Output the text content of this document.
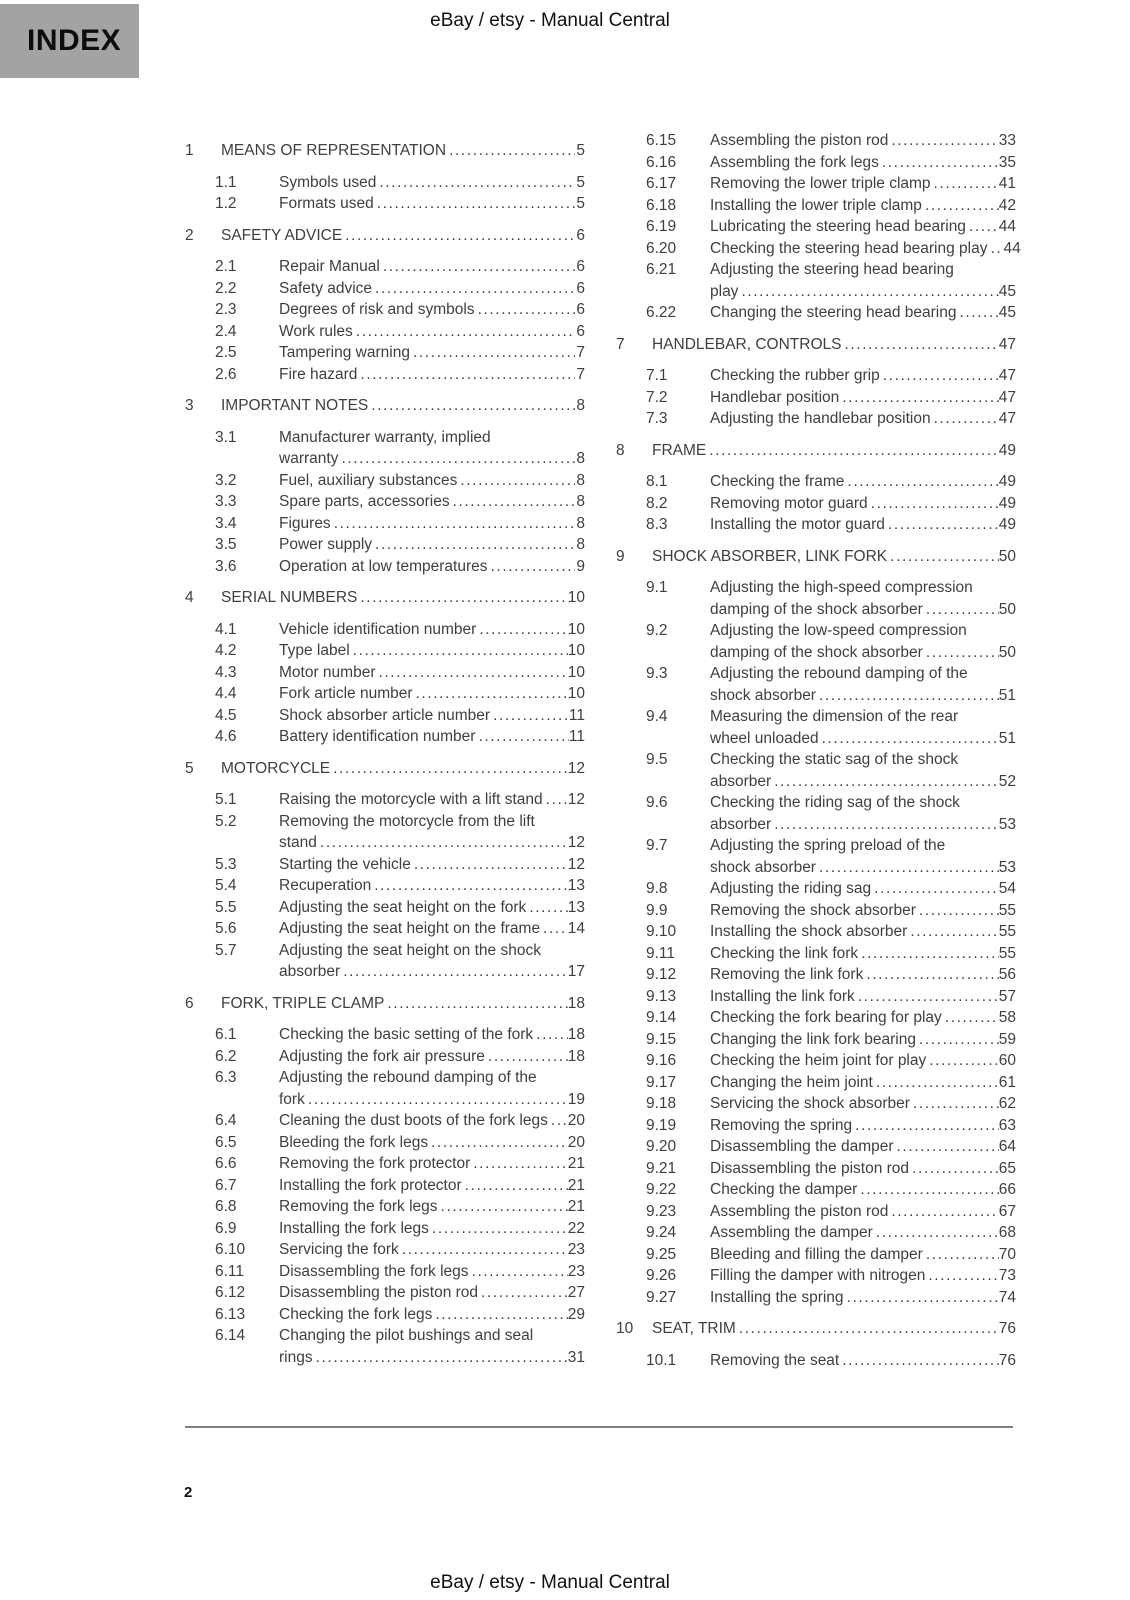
INDEX
eBay / etsy - Manual Central
1	MEANS OF REPRESENTATION .....	5
1.1	Symbols used .....	5
1.2	Formats used .....	5
2	SAFETY ADVICE .....	6
2.1	Repair Manual .....	6
2.2	Safety advice .....	6
2.3	Degrees of risk and symbols .....	6
2.4	Work rules .....	6
2.5	Tampering warning .....	7
2.6	Fire hazard .....	7
3	IMPORTANT NOTES .....	8
3.1	Manufacturer warranty, implied
warranty .....	8
3.2	Fuel, auxiliary substances .....	8
3.3	Spare parts, accessories .....	8
3.4	Figures .....	8
3.5	Power supply .....	8
3.6	Operation at low temperatures .....	9
4	SERIAL NUMBERS .....	10
4.1	Vehicle identification number .....	10
4.2	Type label .....	10
4.3	Motor number .....	10
4.4	Fork article number .....	10
4.5	Shock absorber article number .....	11
4.6	Battery identification number .....	11
5	MOTORCYCLE .....	12
5.1	Raising the motorcycle with a lift stand ..... 12
5.2	Removing the motorcycle from the lift
stand .....	12
5.3	Starting the vehicle .....	12
5.4	Recuperation .....	13
5.5	Adjusting the seat height on the fork .....	13
5.6	Adjusting the seat height on the frame ..... 14
5.7	Adjusting the seat height on the shock
absorber .....	17
6	FORK, TRIPLE CLAMP .....	18
6.1	Checking the basic setting of the fork ..... 18
6.2	Adjusting the fork air pressure .....	18
6.3	Adjusting the rebound damping of the
fork .....	19
6.4	Cleaning the dust boots of the fork legs ..... 20
6.5	Bleeding the fork legs .....	20
6.6	Removing the fork protector .....	21
6.7	Installing the fork protector .....	21
6.8	Removing the fork legs .....	21
6.9	Installing the fork legs .....	22
6.10	Servicing the fork .....	23
6.11	Disassembling the fork legs .....	23
6.12	Disassembling the piston rod .....	27
6.13	Checking the fork legs .....	29
6.14	Changing the pilot bushings and seal
rings .....	31
6.15	Assembling the piston rod .....	33
6.16	Assembling the fork legs .....	35
6.17	Removing the lower triple clamp .....	41
6.18	Installing the lower triple clamp .....	42
6.19	Lubricating the steering head bearing ..... 44
6.20	Checking the steering head bearing play ..... 44
6.21	Adjusting the steering head bearing
play .....	45
6.22	Changing the steering head bearing .....	45
7	HANDLEBAR, CONTROLS .....	47
7.1	Checking the rubber grip .....	47
7.2	Handlebar position .....	47
7.3	Adjusting the handlebar position .....	47
8	FRAME .....	49
8.1	Checking the frame .....	49
8.2	Removing motor guard .....	49
8.3	Installing the motor guard .....	49
9	SHOCK ABSORBER, LINK FORK .....	50
9.1	Adjusting the high-speed compression
damping of the shock absorber .....	50
9.2	Adjusting the low-speed compression
damping of the shock absorber .....	50
9.3	Adjusting the rebound damping of the
shock absorber .....	51
9.4	Measuring the dimension of the rear
wheel unloaded .....	51
9.5	Checking the static sag of the shock
absorber .....	52
9.6	Checking the riding sag of the shock
absorber .....	53
9.7	Adjusting the spring preload of the
shock absorber .....	53
9.8	Adjusting the riding sag .....	54
9.9	Removing the shock absorber .....	55
9.10	Installing the shock absorber .....	55
9.11	Checking the link fork .....	55
9.12	Removing the link fork .....	56
9.13	Installing the link fork .....	57
9.14	Checking the fork bearing for play .....	58
9.15	Changing the link fork bearing .....	59
9.16	Checking the heim joint for play .....	60
9.17	Changing the heim joint .....	61
9.18	Servicing the shock absorber .....	62
9.19	Removing the spring .....	63
9.20	Disassembling the damper .....	64
9.21	Disassembling the piston rod .....	65
9.22	Checking the damper .....	66
9.23	Assembling the piston rod .....	67
9.24	Assembling the damper .....	68
9.25	Bleeding and filling the damper .....	70
9.26	Filling the damper with nitrogen .....	73
9.27	Installing the spring .....	74
10	SEAT, TRIM .....	76
10.1	Removing the seat .....	76
2
eBay / etsy - Manual Central
